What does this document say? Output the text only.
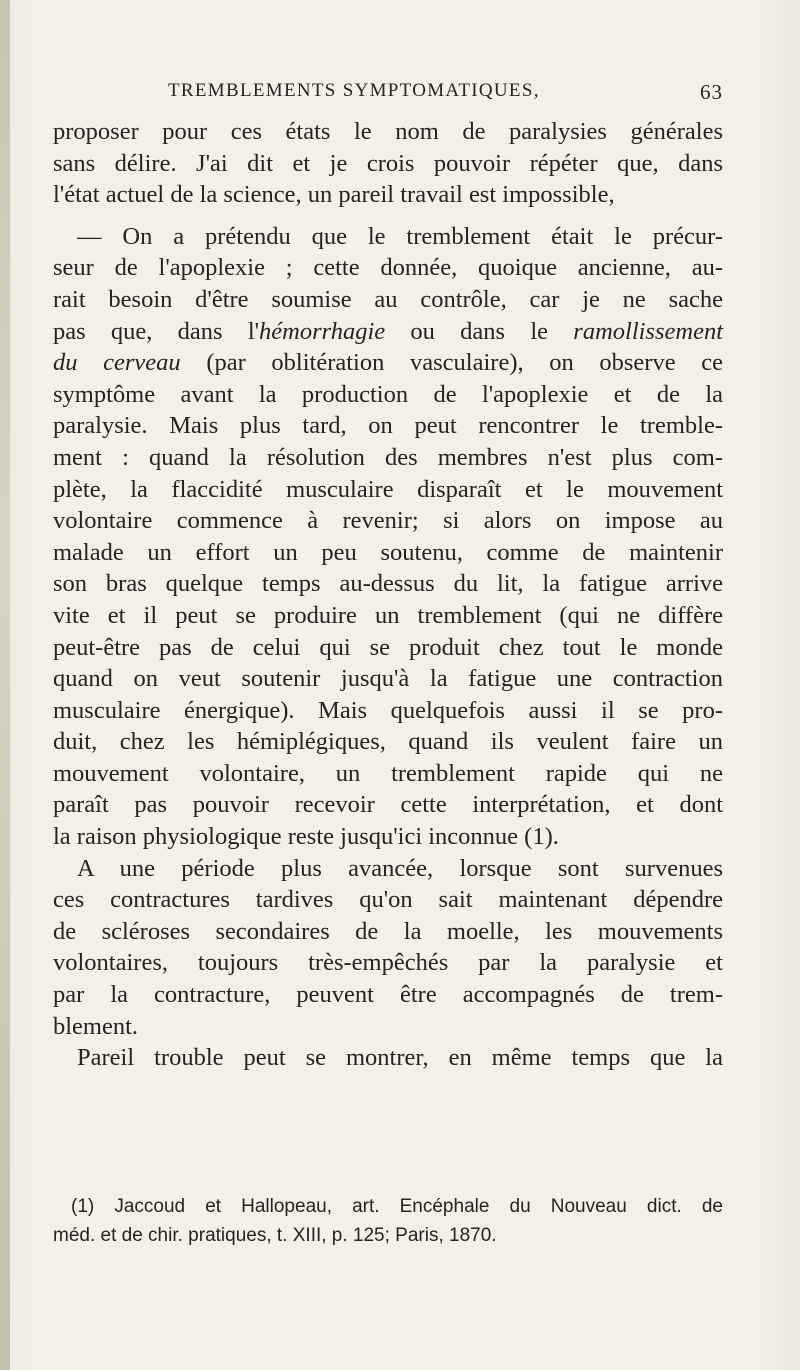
TREMBLEMENTS SYMPTOMATIQUES,	63
proposer pour ces états le nom de paralysies générales
sans délire. J'ai dit et je crois pouvoir répéter que, dans
l'état actuel de la science, un pareil travail est impossible,
— On a prétendu que le tremblement était le précur-
seur de l'apoplexie ; cette donnée, quoique ancienne, au-
rait besoin d'être soumise au contrôle, car je ne sache
pas que, dans l'hémorrhagie ou dans le ramollissement
du cerveau (par oblitération vasculaire), on observe ce
symptôme avant la production de l'apoplexie et de la
paralysie. Mais plus tard, on peut rencontrer le tremble-
ment : quand la résolution des membres n'est plus com-
plète, la flaccidité musculaire disparaît et le mouvement
volontaire commence à revenir; si alors on impose au
malade un effort un peu soutenu, comme de maintenir
son bras quelque temps au-dessus du lit, la fatigue arrive
vite et il peut se produire un tremblement (qui ne diffère
peut-être pas de celui qui se produit chez tout le monde
quand on veut soutenir jusqu'à la fatigue une contraction
musculaire énergique). Mais quelquefois aussi il se pro-
duit, chez les hémiplégiques, quand ils veulent faire un
mouvement volontaire, un tremblement rapide qui ne
paraît pas pouvoir recevoir cette interprétation, et dont
la raison physiologique reste jusqu'ici inconnue (1).
A une période plus avancée, lorsque sont survenues
ces contractures tardives qu'on sait maintenant dépendre
de scléroses secondaires de la moelle, les mouvements
volontaires, toujours très-empêchés par la paralysie et
par la contracture, peuvent être accompagnés de trem-
blement.
Pareil trouble peut se montrer, en même temps que la
(1) Jaccoud et Hallopeau, art. Encéphale du Nouveau dict. de
méd. et de chir. pratiques, t. XIII, p. 125; Paris, 1870.
